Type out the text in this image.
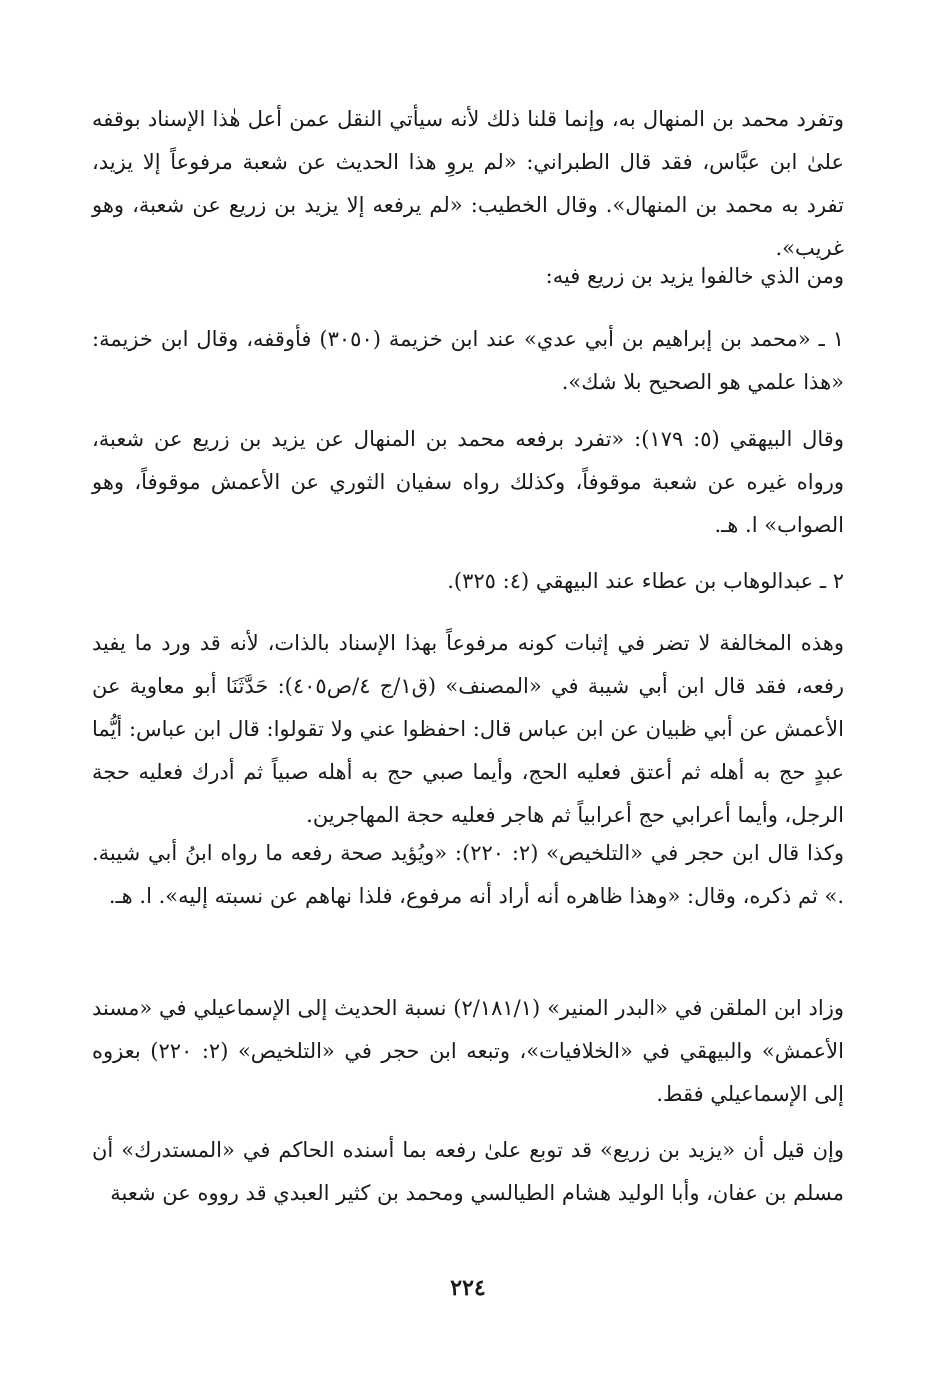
وتفرد محمد بن المنهال به، وإنما قلنا ذلك لأنه سيأتي النقل عمن أعل هٰذا الإسناد بوقفه علىٰ ابن عبَّاس، فقد قال الطبراني: «لم يروِ هذا الحديث عن شعبة مرفوعاً إلا يزيد، تفرد به محمد بن المنهال». وقال الخطيب: «لم يرفعه إلا يزيد بن زريع عن شعبة، وهو غريب».

ومن الذي خالفوا يزيد بن زريع فيه:

١ ـ «محمد بن إبراهيم بن أبي عدي» عند ابن خزيمة (٣٠٥٠) فأوقفه، وقال ابن خزيمة: «هذا علمي هو الصحيح بلا شك».

وقال البيهقي (٥: ١٧٩): «تفرد برفعه محمد بن المنهال عن يزيد بن زريع عن شعبة، ورواه غيره عن شعبة موقوفاً، وكذلك رواه سفيان الثوري عن الأعمش موقوفاً، وهو الصواب» ا. هـ.

٢ ـ عبدالوهاب بن عطاء عند البيهقي (٤: ٣٢٥).

وهذه المخالفة لا تضر في إثبات كونه مرفوعاً بهذا الإسناد بالذات، لأنه قد ورد ما يفيد رفعه، فقد قال ابن أبي شيبة في «المصنف» (ق١/ج ٤/ص٤٠٥): حَدَّثَنَا أبو معاوية عن الأعمش عن أبي ظبيان عن ابن عباس قال: احفظوا عني ولا تقولوا: قال ابن عباس: أيُّما عبدٍ حج به أهله ثم أعتق فعليه الحج، وأيما صبي حج به أهله صبياً ثم أدرك فعليه حجة الرجل، وأيما أعرابي حج أعرابياً ثم هاجر فعليه حجة المهاجرين.

وكذا قال ابن حجر في «التلخيص» (٢: ٢٢٠): «ويُؤيد صحة رفعه ما رواه ابنُ أبي شيبة. .» ثم ذكره، وقال: «وهذا ظاهره أنه أراد أنه مرفوع، فلذا نهاهم عن نسبته إليه». ا. هـ.

وزاد ابن الملقن في «البدر المنير» (٢/١٨١/١) نسبة الحديث إلى الإسماعيلي في «مسند الأعمش» والبيهقي في «الخلافيات»، وتبعه ابن حجر في «التلخيص» (٢: ٢٢٠) بعزوه إلى الإسماعيلي فقط.

وإن قيل أن «يزيد بن زريع» قد توبع علىٰ رفعه بما أسنده الحاكم في «المستدرك» أن مسلم بن عفان، وأبا الوليد هشام الطيالسي ومحمد بن كثير العبدي قد رووه عن شعبة

٢٢٤
